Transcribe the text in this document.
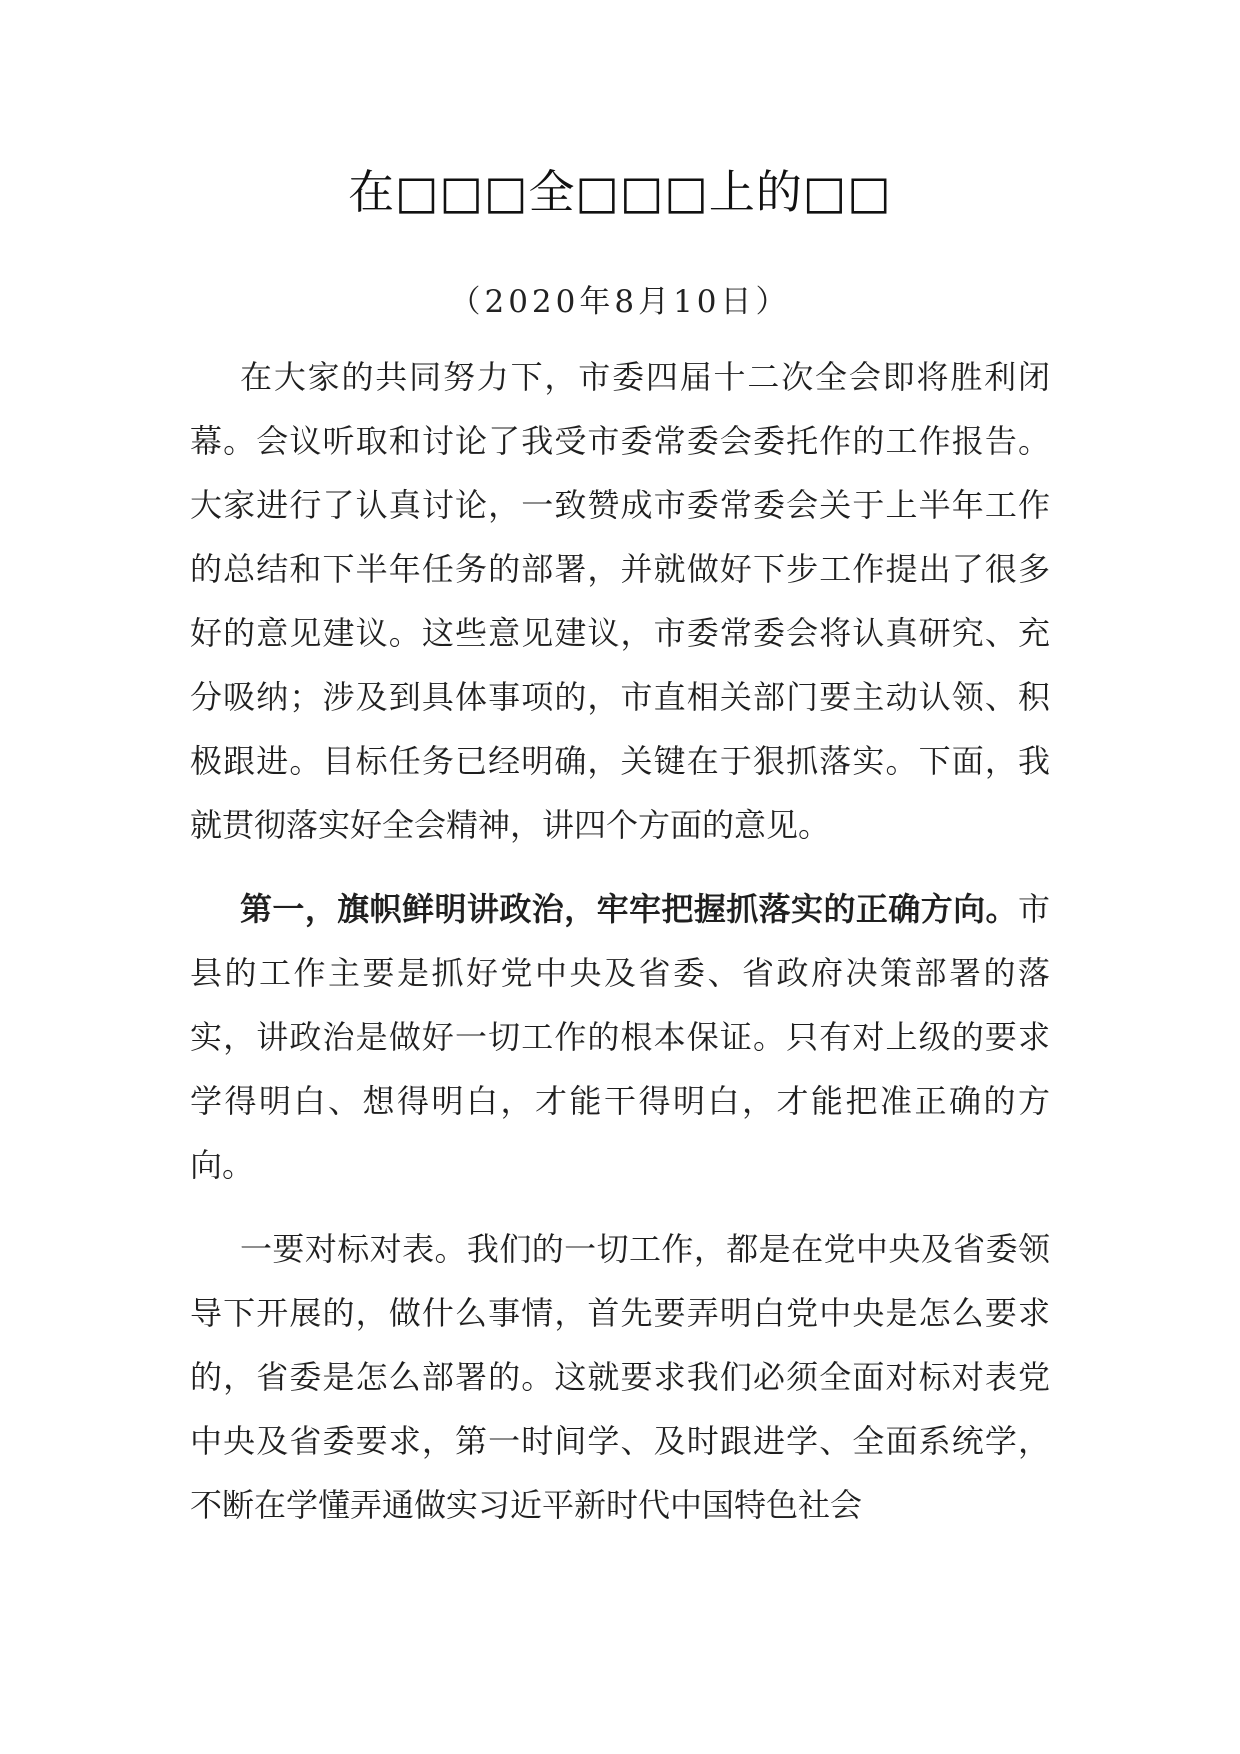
在□□□全□□□上的□□
（2020年8月10日）

在大家的共同努力下，市委四届十二次全会即将胜利闭幕。会议听取和讨论了我受市委常委会委托作的工作报告。大家进行了认真讨论，一致赞成市委常委会关于上半年工作的总结和下半年任务的部署，并就做好下步工作提出了很多好的意见建议。这些意见建议，市委常委会将认真研究、充分吸纳；涉及到具体事项的，市直相关部门要主动认领、积极跟进。目标任务已经明确，关键在于狠抓落实。下面，我就贯彻落实好全会精神，讲四个方面的意见。

第一，旗帜鲜明讲政治，牢牢把握抓落实的正确方向。市县的工作主要是抓好党中央及省委、省政府决策部署的落实，讲政治是做好一切工作的根本保证。只有对上级的要求学得明白、想得明白，才能干得明白，才能把准正确的方向。

一要对标对表。我们的一切工作，都是在党中央及省委领导下开展的，做什么事情，首先要弄明白党中央是怎么要求的，省委是怎么部署的。这就要求我们必须全面对标对表党中央及省委要求，第一时间学、及时跟进学、全面系统学，不断在学懂弄通做实习近平新时代中国特色社会
